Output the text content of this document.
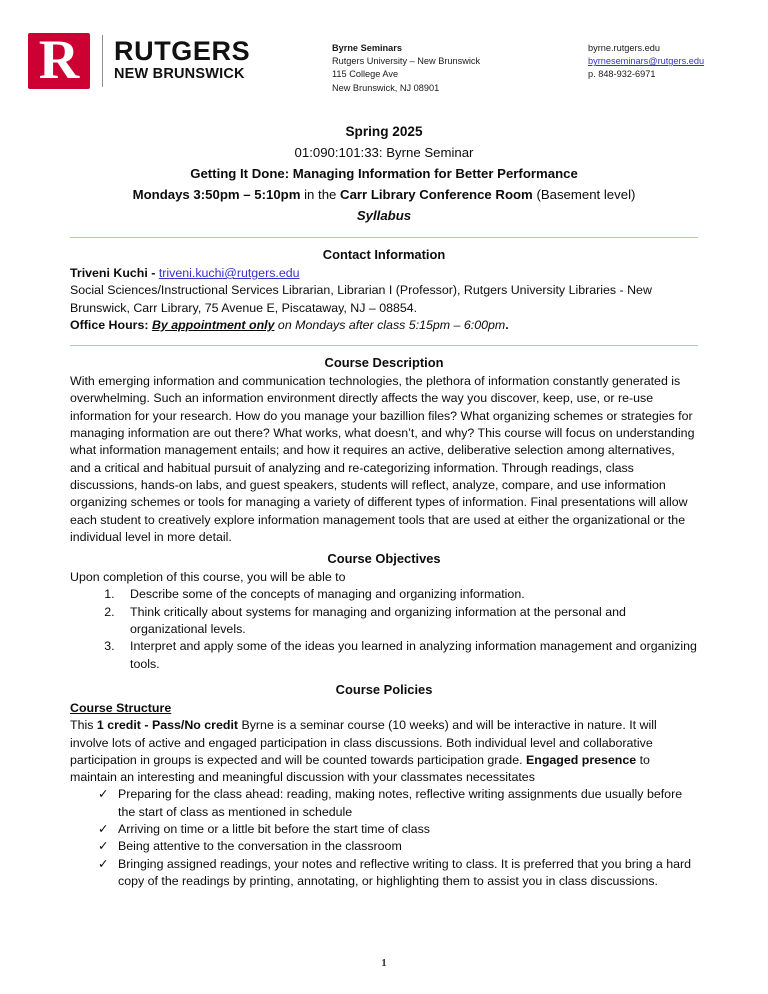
R	RUTGERS
NEW BRUNSWICK
Byrne Seminars
Rutgers University – New Brunswick
115 College Ave
New Brunswick, NJ 08901
byrne.rutgers.edu
byrneseminars@rutgers.edu
p. 848-932-6971
Spring 2025
01:090:101:33: Byrne Seminar
Getting It Done: Managing Information for Better Performance
Mondays 3:50pm – 5:10pm in the Carr Library Conference Room (Basement level)
Syllabus
Contact Information

Triveni Kuchi - triveni.kuchi@rutgers.edu

Social Sciences/Instructional Services Librarian, Librarian I (Professor), Rutgers University Libraries - New Brunswick, Carr Library, 75 Avenue E, Piscataway, NJ – 08854.

Office Hours: By appointment only on Mondays after class 5:15pm – 6:00pm.

Course Description

With emerging information and communication technologies, the plethora of information constantly generated is overwhelming. Such an information environment directly affects the way you discover, keep, use, or re-use information for your research. How do you manage your bazillion files? What organizing schemes or strategies for managing information are out there? What works, what doesn’t, and why? This course will focus on understanding what information management entails; and how it requires an active, deliberative selection among alternatives, and a critical and habitual pursuit of analyzing and re-categorizing information. Through readings, class discussions, hands-on labs, and guest speakers, students will reflect, analyze, compare, and use information organizing schemes or tools for managing a variety of different types of information. Final presentations will allow each student to creatively explore information management tools that are used at either the organizational or the individual level in more detail.

Course Objectives

Upon completion of this course, you will be able to

1. Describe some of the concepts of managing and organizing information.
2. Think critically about systems for managing and organizing information at the personal and organizational levels.
3. Interpret and apply some of the ideas you learned in analyzing information management and organizing tools.
Course Policies
Course Structure

This 1 credit - Pass/No credit Byrne is a seminar course (10 weeks) and will be interactive in nature. It will involve lots of active and engaged participation in class discussions. Both individual level and collaborative participation in groups is expected and will be counted towards participation grade. Engaged presence to maintain an interesting and meaningful discussion with your classmates necessitates

✓ Preparing for the class ahead: reading, making notes, reflective writing assignments due usually before the start of class as mentioned in schedule
✓ Arriving on time or a little bit before the start time of class
✓ Being attentive to the conversation in the classroom
✓ Bringing assigned readings, your notes and reflective writing to class. It is preferred that you bring a hard copy of the readings by printing, annotating, or highlighting them to assist you in class discussions.
1
